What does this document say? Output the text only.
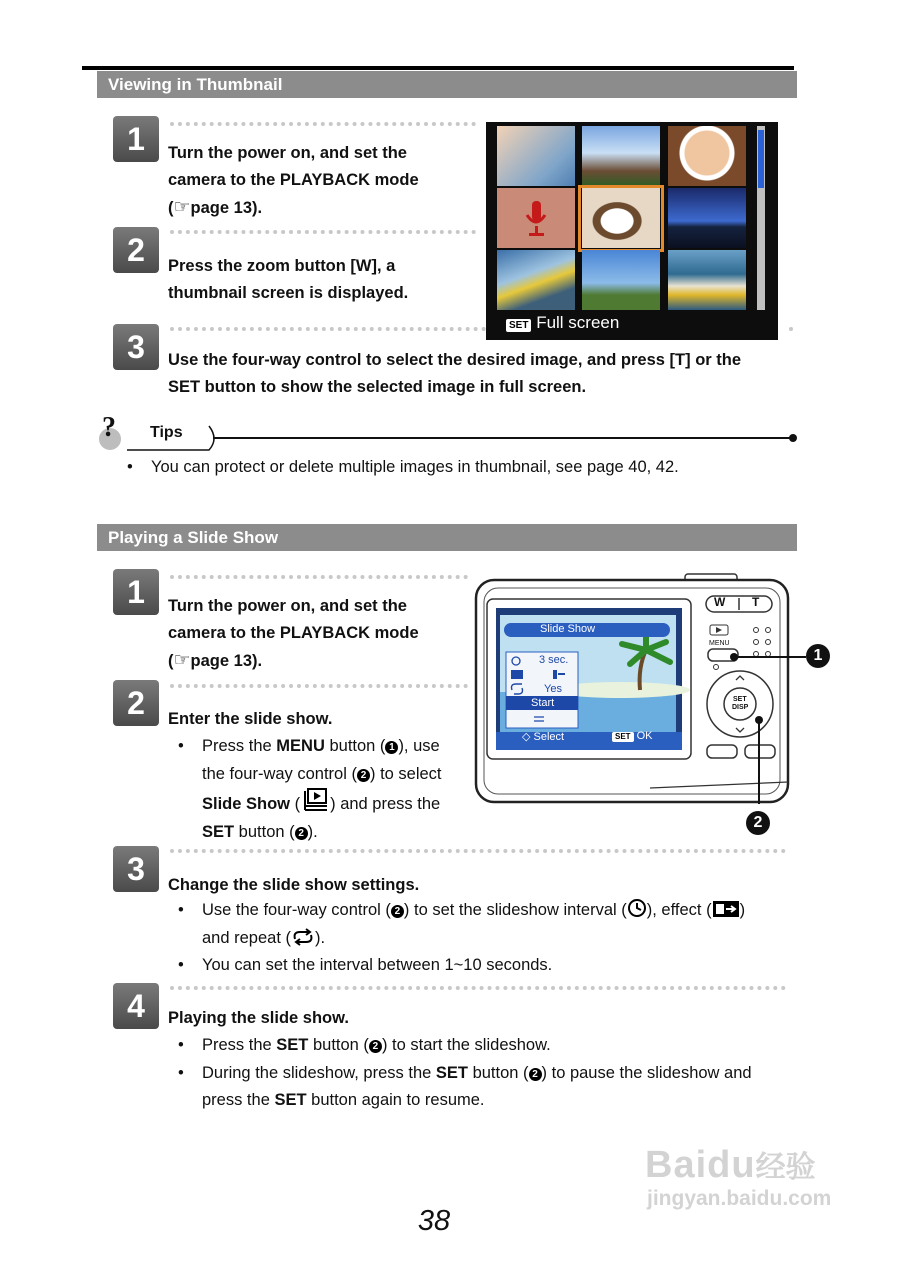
Viewing in Thumbnail
1	Turn the power on, and set the
camera to the PLAYBACK mode
(☞page 13).
2	Press the zoom button [W], a
thumbnail screen is displayed.
SET Full screen
3	Use the four-way control to select the desired image, and press [T] or the
SET button to show the selected image in full screen.
? Tips
• You can protect or delete multiple images in thumbnail, see page 40, 42.
Playing a Slide Show
1	Turn the power on, and set the
camera to the PLAYBACK mode
(☞page 13).
2	Enter the slide show.
• Press the MENU button ( 1 ), use
the four-way control ( 2 ) to select
Slide Show ( ) and press the
SET button ( 2 ).
W T
MENU
SET
DISP
Slide Show
3 sec.
Yes
Start
◇ Select	SET OK
1
2
3	Change the slide show settings.
• Use the four-way control ( 2 ) to set the slideshow interval ( ), effect ( )
and repeat ( ).
• You can set the interval between 1~10 seconds.
4	Playing the slide show.
• Press the SET button ( 2 ) to start the slideshow.
• During the slideshow, press the SET button ( 2 ) to pause the slideshow and
press the SET button again to resume.
38
Baidu经验
jingyan.baidu.com
